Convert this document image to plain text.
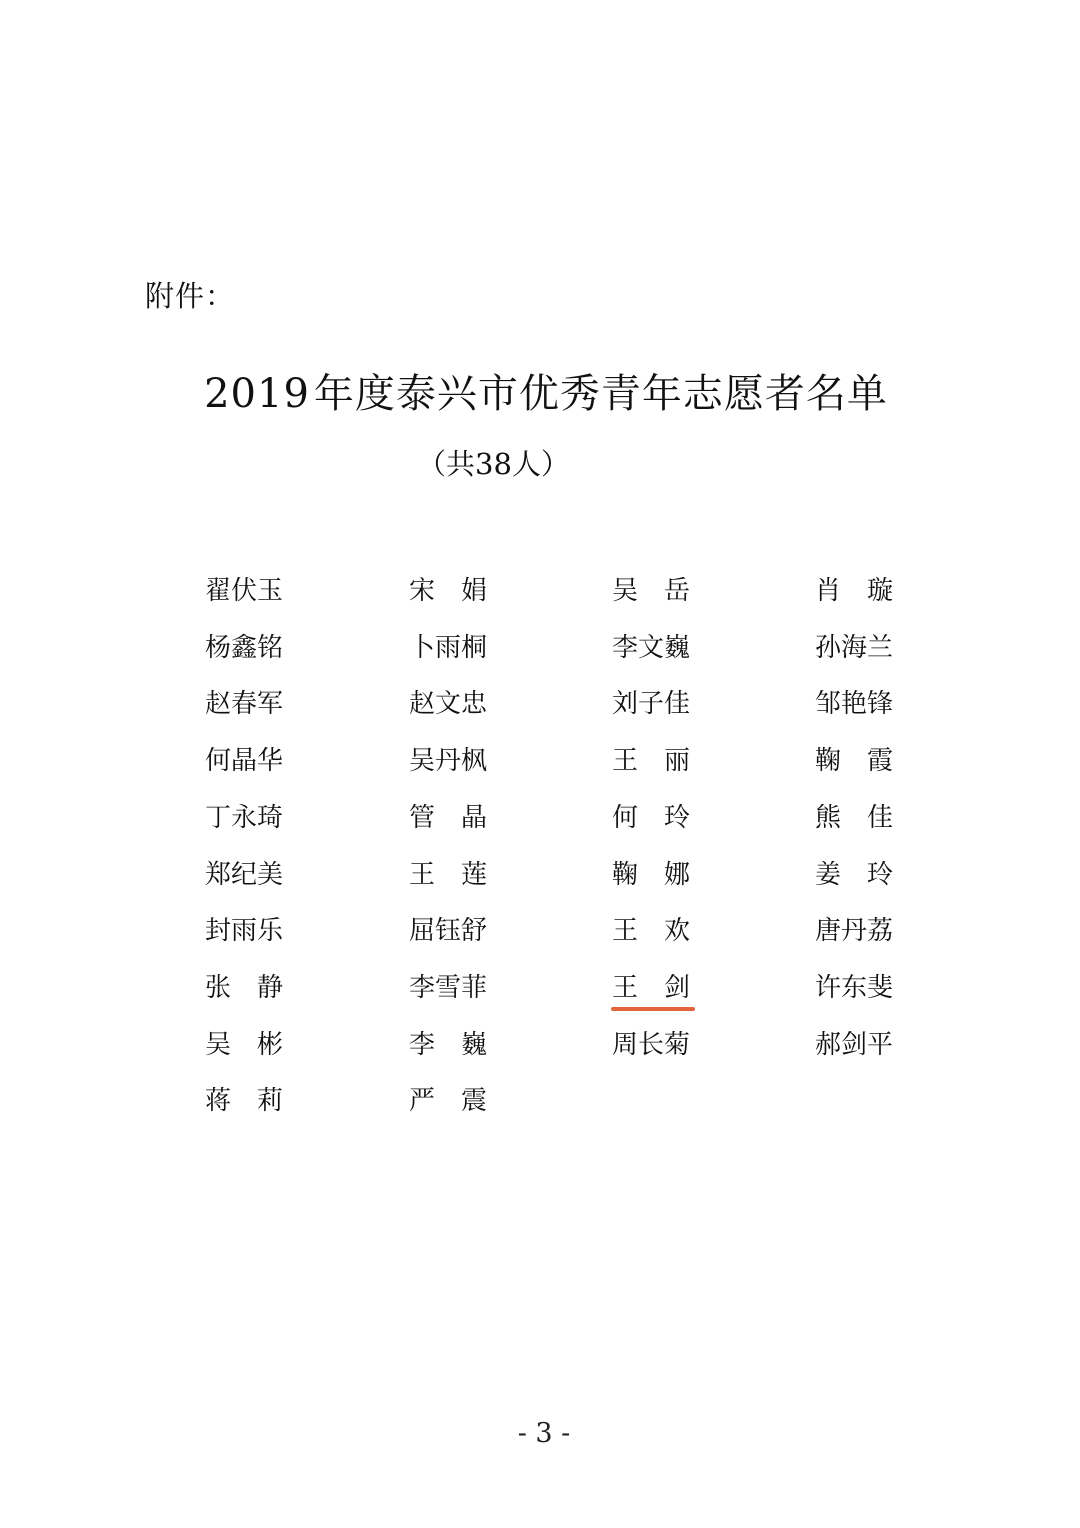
附件：
2019 年度泰兴市优秀青年志愿者名单
（共38人）
翟 伏 玉	宋 娟	吴 岳	肖 璇
杨 鑫 铭	卜 雨 桐	李 文 巍	孙 海 兰
赵 春 军	赵 文 忠	刘 子 佳	邹 艳 锋
何 晶 华	吴 丹 枫	王 丽	鞠 霞
丁 永 琦	管 晶	何 玲	熊 佳
郑 纪 美	王 莲	鞠 娜	姜 玲
封 雨 乐	屈 钰 舒	王 欢	唐 丹 荔
张 静	李 雪 菲	王 剑	许 东 斐
吴 彬	李 巍	周 长 菊	郝 剑 平
蒋 莉	严 震
- 3 -
